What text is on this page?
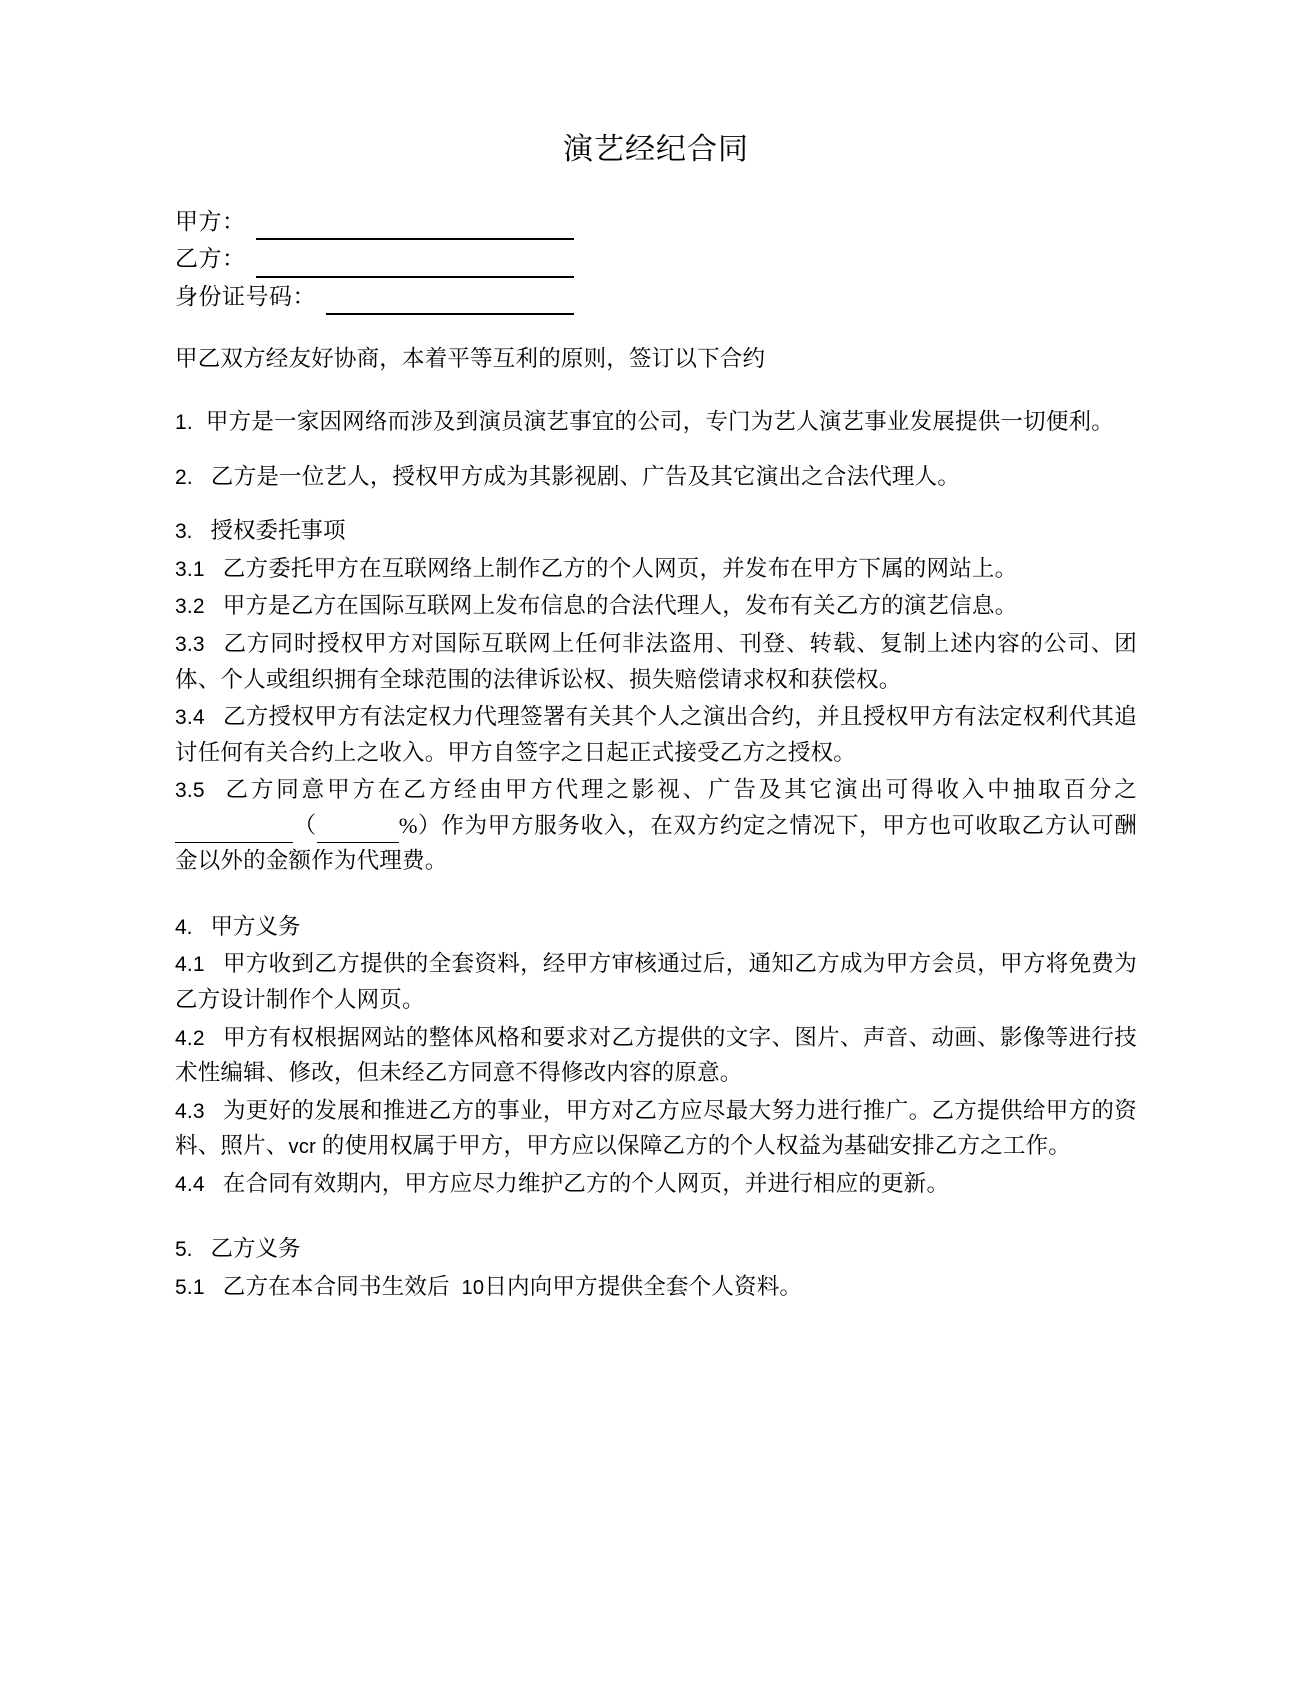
演艺经纪合同
甲方：
乙方：
身份证号码：

甲乙双方经友好协商，本着平等互利的原则，签订以下合约

1. 甲方是一家因网络而涉及到演员演艺事宜的公司，专门为艺人演艺事业发展提供一切便利。

2. 乙方是一位艺人，授权甲方成为其影视剧、广告及其它演出之合法代理人。

3. 授权委托事项

3.1 乙方委托甲方在互联网络上制作乙方的个人网页，并发布在甲方下属的网站上。

3.2 甲方是乙方在国际互联网上发布信息的合法代理人，发布有关乙方的演艺信息。

3.3 乙方同时授权甲方对国际互联网上任何非法盗用、刊登、转载、复制上述内容的公司、团体、个人或组织拥有全球范围的法律诉讼权、损失赔偿请求权和获偿权。

3.4 乙方授权甲方有法定权力代理签署有关其个人之演出合约，并且授权甲方有法定权利代其追讨任何有关合约上之收入。甲方自签字之日起正式接受乙方之授权。

3.5 乙方同意甲方在乙方经由甲方代理之影视、广告及其它演出可得收入中抽取百分之（	%）作为甲方服务收入，在双方约定之情况下，甲方也可收取乙方认可酬金以外的金额作为代理费。

4. 甲方义务

4.1 甲方收到乙方提供的全套资料，经甲方审核通过后，通知乙方成为甲方会员，甲方将免费为乙方设计制作个人网页。

4.2 甲方有权根据网站的整体风格和要求对乙方提供的文字、图片、声音、动画、影像等进行技术性编辑、修改，但未经乙方同意不得修改内容的原意。

4.3 为更好的发展和推进乙方的事业，甲方对乙方应尽最大努力进行推广。乙方提供给甲方的资料、照片、vcr 的使用权属于甲方，甲方应以保障乙方的个人权益为基础安排乙方之工作。

4.4 在合同有效期内，甲方应尽力维护乙方的个人网页，并进行相应的更新。

5. 乙方义务

5.1 乙方在本合同书生效后 10日内向甲方提供全套个人资料。
